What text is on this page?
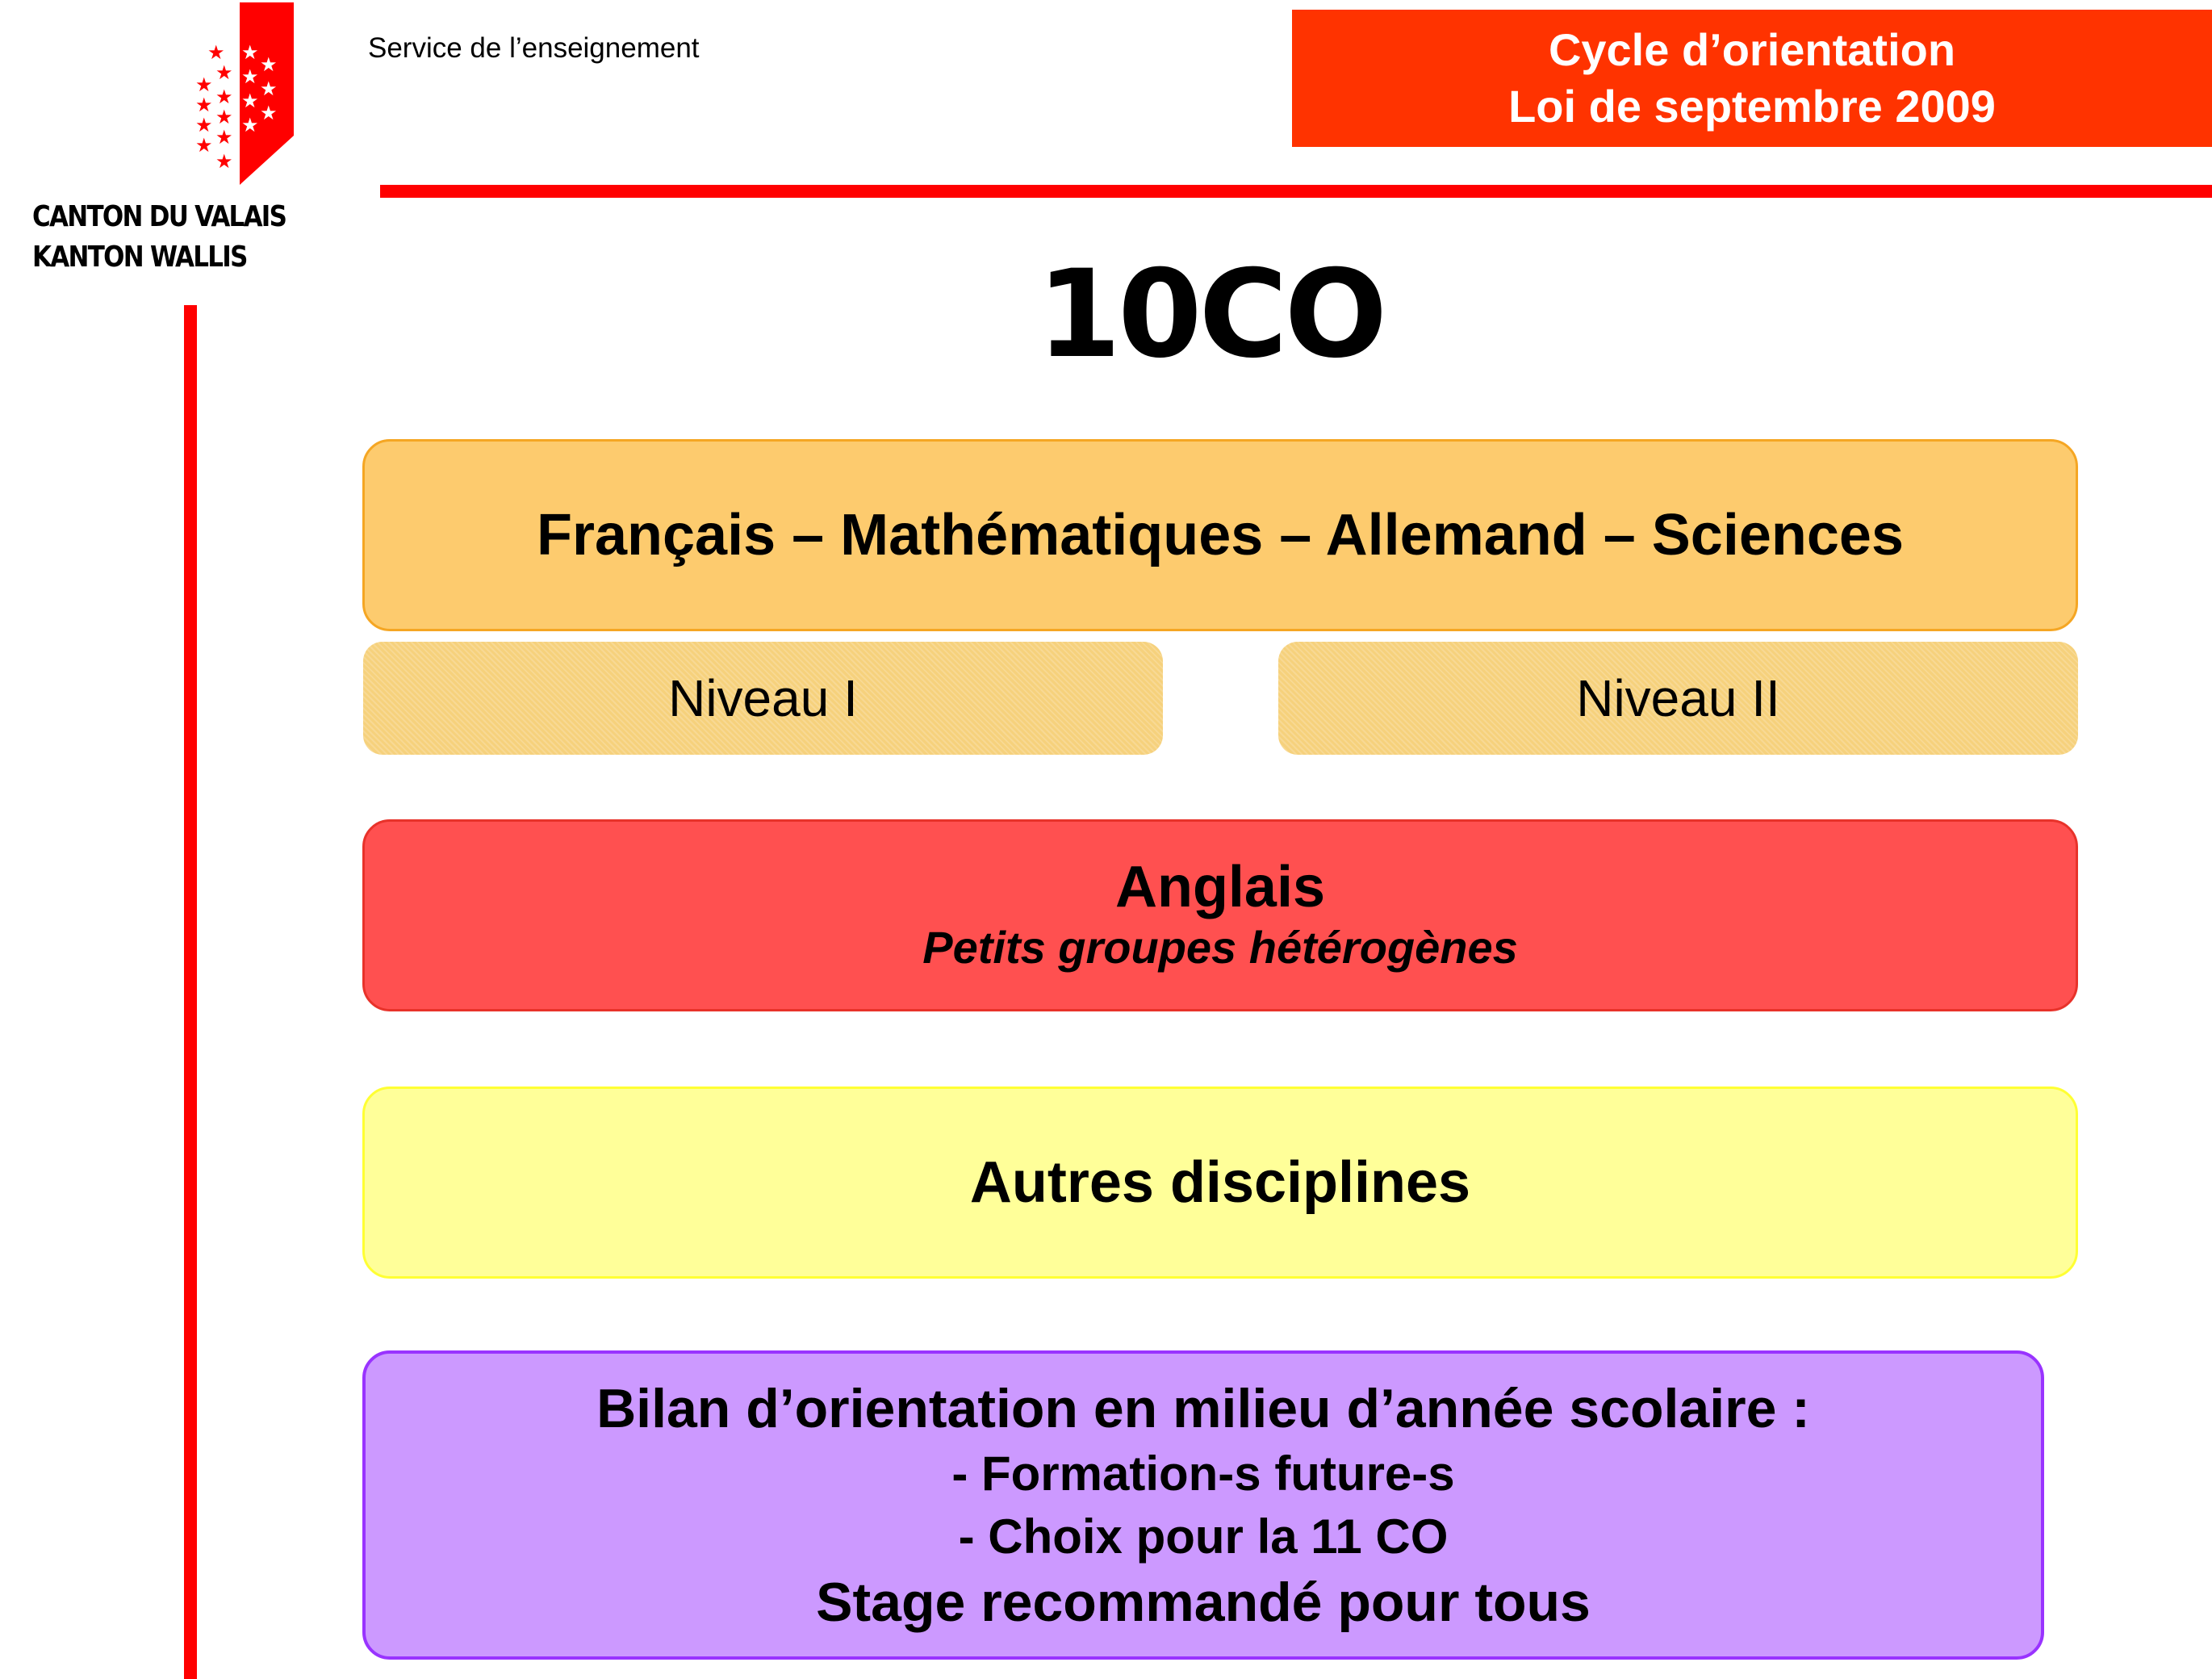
★
★
★
★
★
★
★
★
★
★
★
★
★
★
★
★
★
CANTON DU VALAIS
KANTON WALLIS
Service de l’enseignement	Cycle d’orientation
Loi de septembre 2009
10CO
Français – Mathématiques – Allemand – Sciences
Niveau I	Niveau II
Anglais
Petits groupes hétérogènes
Autres disciplines
Bilan d’orientation en milieu d’année scolaire :
- Formation-s future-s
- Choix pour la 11 CO
Stage recommandé pour tous
